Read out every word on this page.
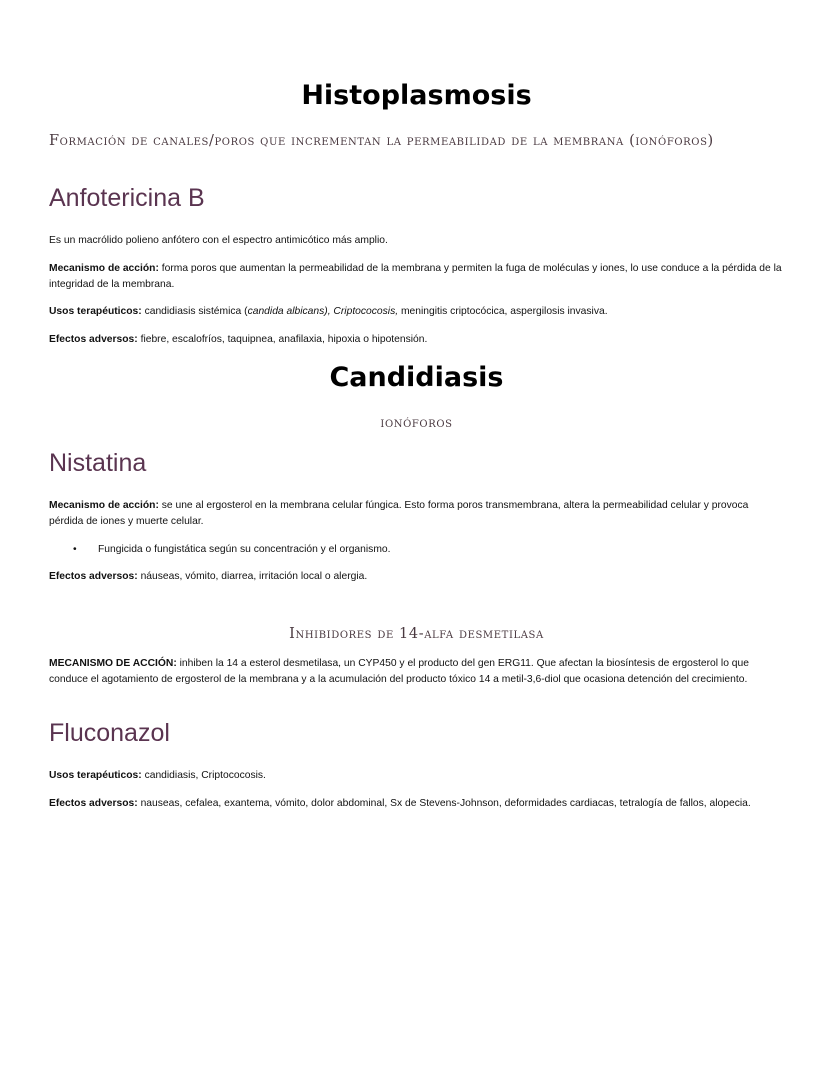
Histoplasmosis

Formación de canales/poros que incrementan la permeabilidad de la membrana (ionóforos)

Anfotericina B

Es un macrólido polieno anfótero con el espectro antimicótico más amplio.

Mecanismo de acción: forma poros que aumentan la permeabilidad de la membrana y permiten la fuga de moléculas y iones, lo use conduce a la pérdida de la integridad de la membrana.

Usos terapéuticos: candidiasis sistémica (candida albicans), Criptococosis, meningitis criptocócica, aspergilosis invasiva.

Efectos adversos: fiebre, escalofríos, taquipnea, anafilaxia, hipoxia o hipotensión.

Candidiasis

ionóforos

Nistatina

Mecanismo de acción: se une al ergosterol en la membrana celular fúngica. Esto forma poros transmembrana, altera la permeabilidad celular y provoca pérdida de iones y muerte celular.

• Fungicida o fungistática según su concentración y el organismo.

Efectos adversos: náuseas, vómito, diarrea, irritación local o alergia.

Inhibidores de 14-alfa desmetilasa

MECANISMO DE ACCIÓN: inhiben la 14 a esterol desmetilasa, un CYP450 y el producto del gen ERG11. Que afectan la biosíntesis de ergosterol lo que conduce el agotamiento de ergosterol de la membrana y a la acumulación del producto tóxico 14 a metil-3,6-diol que ocasiona detención del crecimiento.

Fluconazol

Usos terapéuticos: candidiasis, Criptococosis.

Efectos adversos: nauseas, cefalea, exantema, vómito, dolor abdominal, Sx de Stevens-Johnson, deformidades cardiacas, tetralogía de fallos, alopecia.
